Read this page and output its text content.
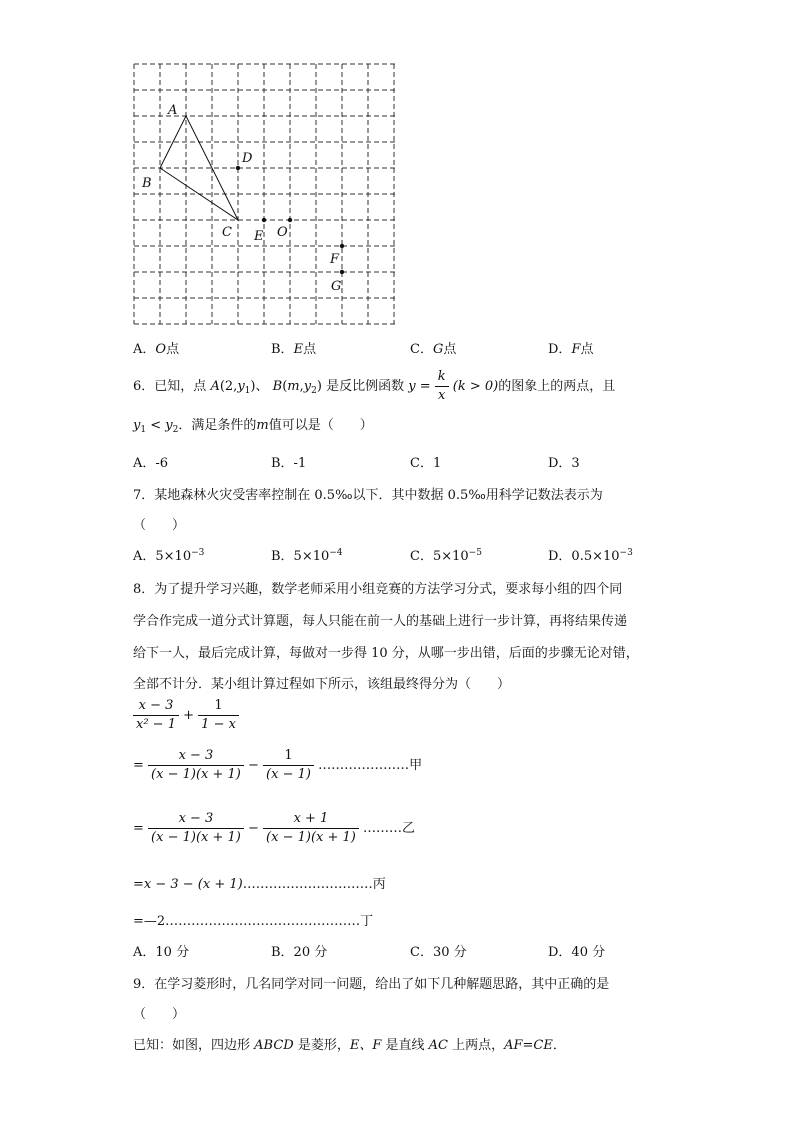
A
B
C
D
E O
F
G
A．O点	B．E点	C．G点	D．F点
6．已知，点 $A(2,y_1)$、 $B(m,y_2)$ 是反比例函数 $y = \frac{k}{x} (k > 0)$的图象上的两点，且
$y_1 < y_2$．满足条件的m值可以是（　　）
A．-6	B．-1	C．1	D．3
7．某地森林火灾受害率控制在 0.5‰以下．其中数据 0.5‰用科学记数法表示为
（　　）
A．$5\times 10^{-3}$	B．$5\times 10^{-4}$	C．$5\times 10^{-5}$	D．$0.5\times 10^{-3}$
8．为了提升学习兴趣，数学老师采用小组竞赛的方法学习分式，要求每小组的四个同
学合作完成一道分式计算题，每人只能在前一人的基础上进行一步计算，再将结果传递
给下一人，最后完成计算，每做对一步得 10 分，从哪一步出错，后面的步骤无论对错，
全部不计分．某小组计算过程如下所示，该组最终得分为（　　）
$\frac{x - 3}{\text{x² − 1}} + \frac{1}{1 - x}$
= $\frac{x - 3}{(x - 1)(x + 1)} - \frac{1}{(x - 1)}$ …………………甲
= $\frac{x - 3}{(x - 1)(x + 1)} - \frac{x + 1}{(x - 1)(x + 1)}$ ………乙
=x − 3 − (x + 1)…………………………丙
=—2………………………………………丁
A．10 分	B．20 分	C．30 分	D．40 分
9．在学习菱形时，几名同学对同一问题，给出了如下几种解题思路，其中正确的是
（　　）
已知：如图，四边形 ABCD 是菱形，E、F 是直线 AC 上两点，AF=CE．
